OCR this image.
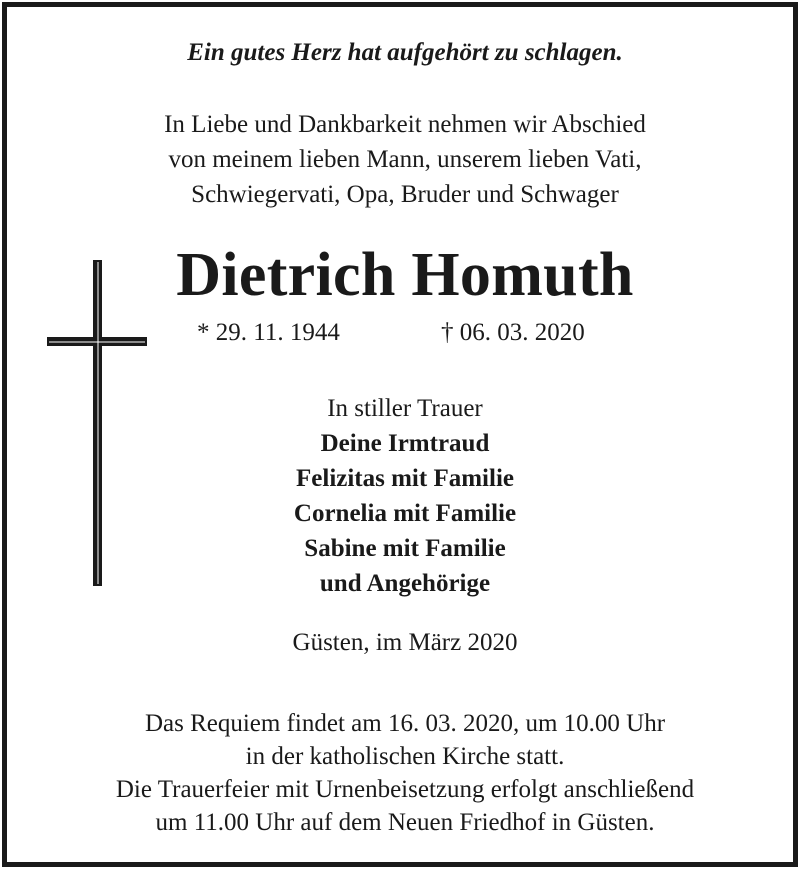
Ein gutes Herz hat aufgehört zu schlagen.
In Liebe und Dankbarkeit nehmen wir Abschied
von meinem lieben Mann, unserem lieben Vati,
Schwiegervati, Opa, Bruder und Schwager
Dietrich Homuth
* 29. 11. 1944	† 06. 03. 2020
In stiller Trauer
Deine Irmtraud
Felizitas mit Familie
Cornelia mit Familie
Sabine mit Familie
und Angehörige
Güsten, im März 2020
Das Requiem findet am 16. 03. 2020, um 10.00 Uhr
in der katholischen Kirche statt.
Die Trauerfeier mit Urnenbeisetzung erfolgt anschließend
um 11.00 Uhr auf dem Neuen Friedhof in Güsten.
